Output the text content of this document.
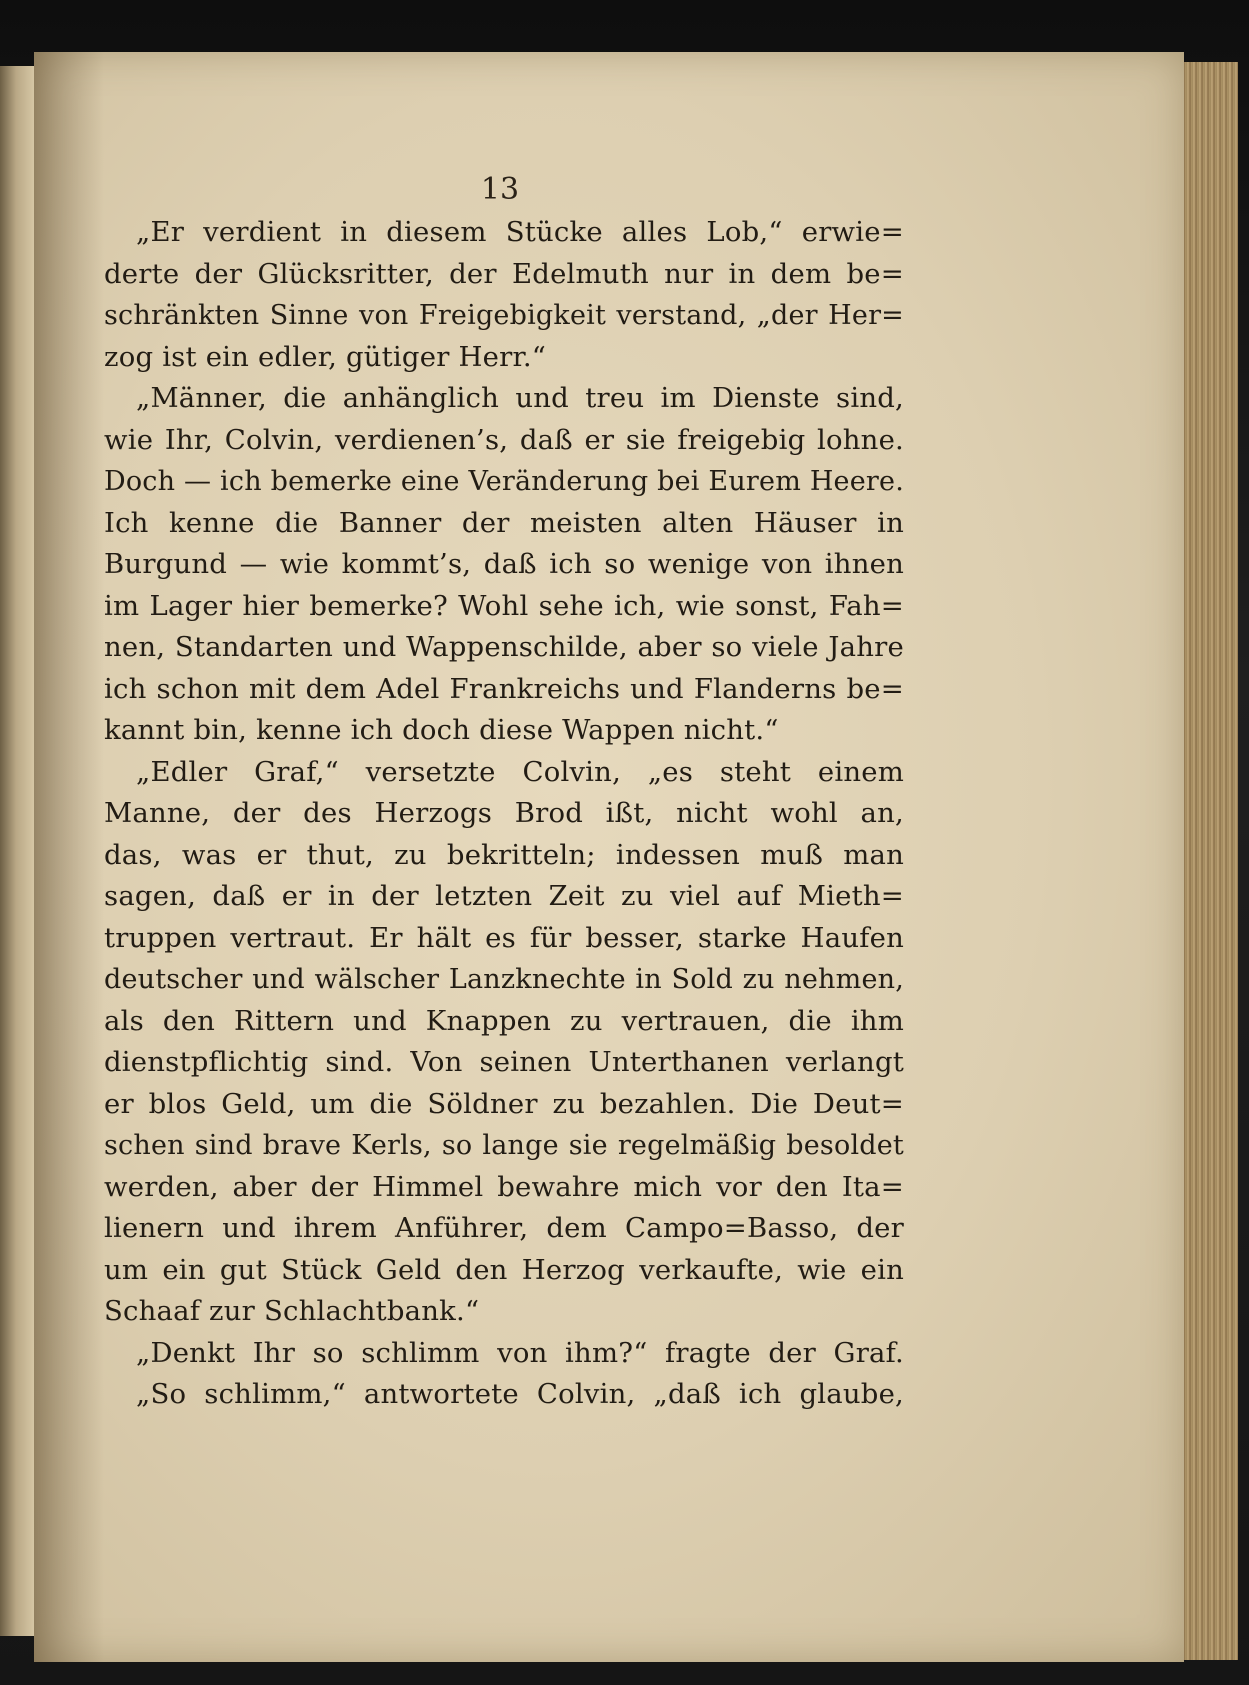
13
„Er verdient in diesem Stücke alles Lob,“ erwie=
derte der Glücksritter, der Edelmuth nur in dem be=
schränkten Sinne von Freigebigkeit verstand, „der Her=
zog ist ein edler, gütiger Herr.“
„Männer, die anhänglich und treu im Dienste sind,
wie Ihr, Colvin, verdienen’s, daß er sie freigebig lohne.
Doch — ich bemerke eine Veränderung bei Eurem Heere.
Ich kenne die Banner der meisten alten Häuser in
Burgund — wie kommt’s, daß ich so wenige von ihnen
im Lager hier bemerke? Wohl sehe ich, wie sonst, Fah=
nen, Standarten und Wappenschilde, aber so viele Jahre
ich schon mit dem Adel Frankreichs und Flanderns be=
kannt bin, kenne ich doch diese Wappen nicht.“
„Edler Graf,“ versetzte Colvin, „es steht einem
Manne, der des Herzogs Brod ißt, nicht wohl an,
das, was er thut, zu bekritteln; indessen muß man
sagen, daß er in der letzten Zeit zu viel auf Mieth=
truppen vertraut. Er hält es für besser, starke Haufen
deutscher und wälscher Lanzknechte in Sold zu nehmen,
als den Rittern und Knappen zu vertrauen, die ihm
dienstpflichtig sind. Von seinen Unterthanen verlangt
er blos Geld, um die Söldner zu bezahlen. Die Deut=
schen sind brave Kerls, so lange sie regelmäßig besoldet
werden, aber der Himmel bewahre mich vor den Ita=
lienern und ihrem Anführer, dem Campo=Basso, der
um ein gut Stück Geld den Herzog verkaufte, wie ein
Schaaf zur Schlachtbank.“
„Denkt Ihr so schlimm von ihm?“ fragte der Graf.
„So schlimm,“ antwortete Colvin, „daß ich glaube,
